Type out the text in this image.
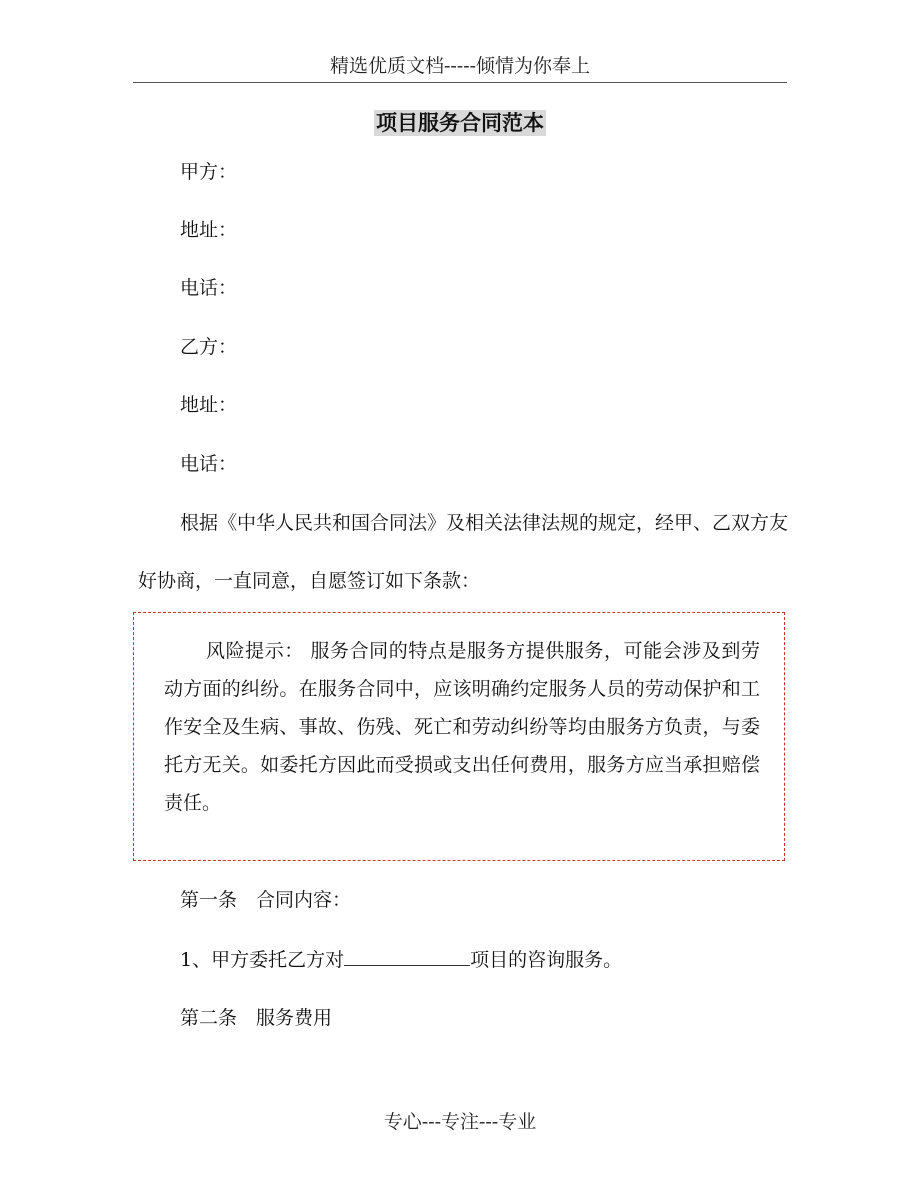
精选优质文档-----倾情为你奉上
项目服务合同范本
甲方：
地址：
电话：
乙方：
地址：
电话：
根据《中华人民共和国合同法》及相关法律法规的规定，经甲、乙双方友好协商，一直同意，自愿签订如下条款：
风险提示： 服务合同的特点是服务方提供服务，可能会涉及到劳动方面的纠纷。在服务合同中，应该明确约定服务人员的劳动保护和工作安全及生病、事故、伤残、死亡和劳动纠纷等均由服务方负责，与委托方无关。如委托方因此而受损或支出任何费用，服务方应当承担赔偿责任。
第一条　合同内容：
1、甲方委托乙方对	项目的咨询服务。
第二条　服务费用
专心---专注---专业
